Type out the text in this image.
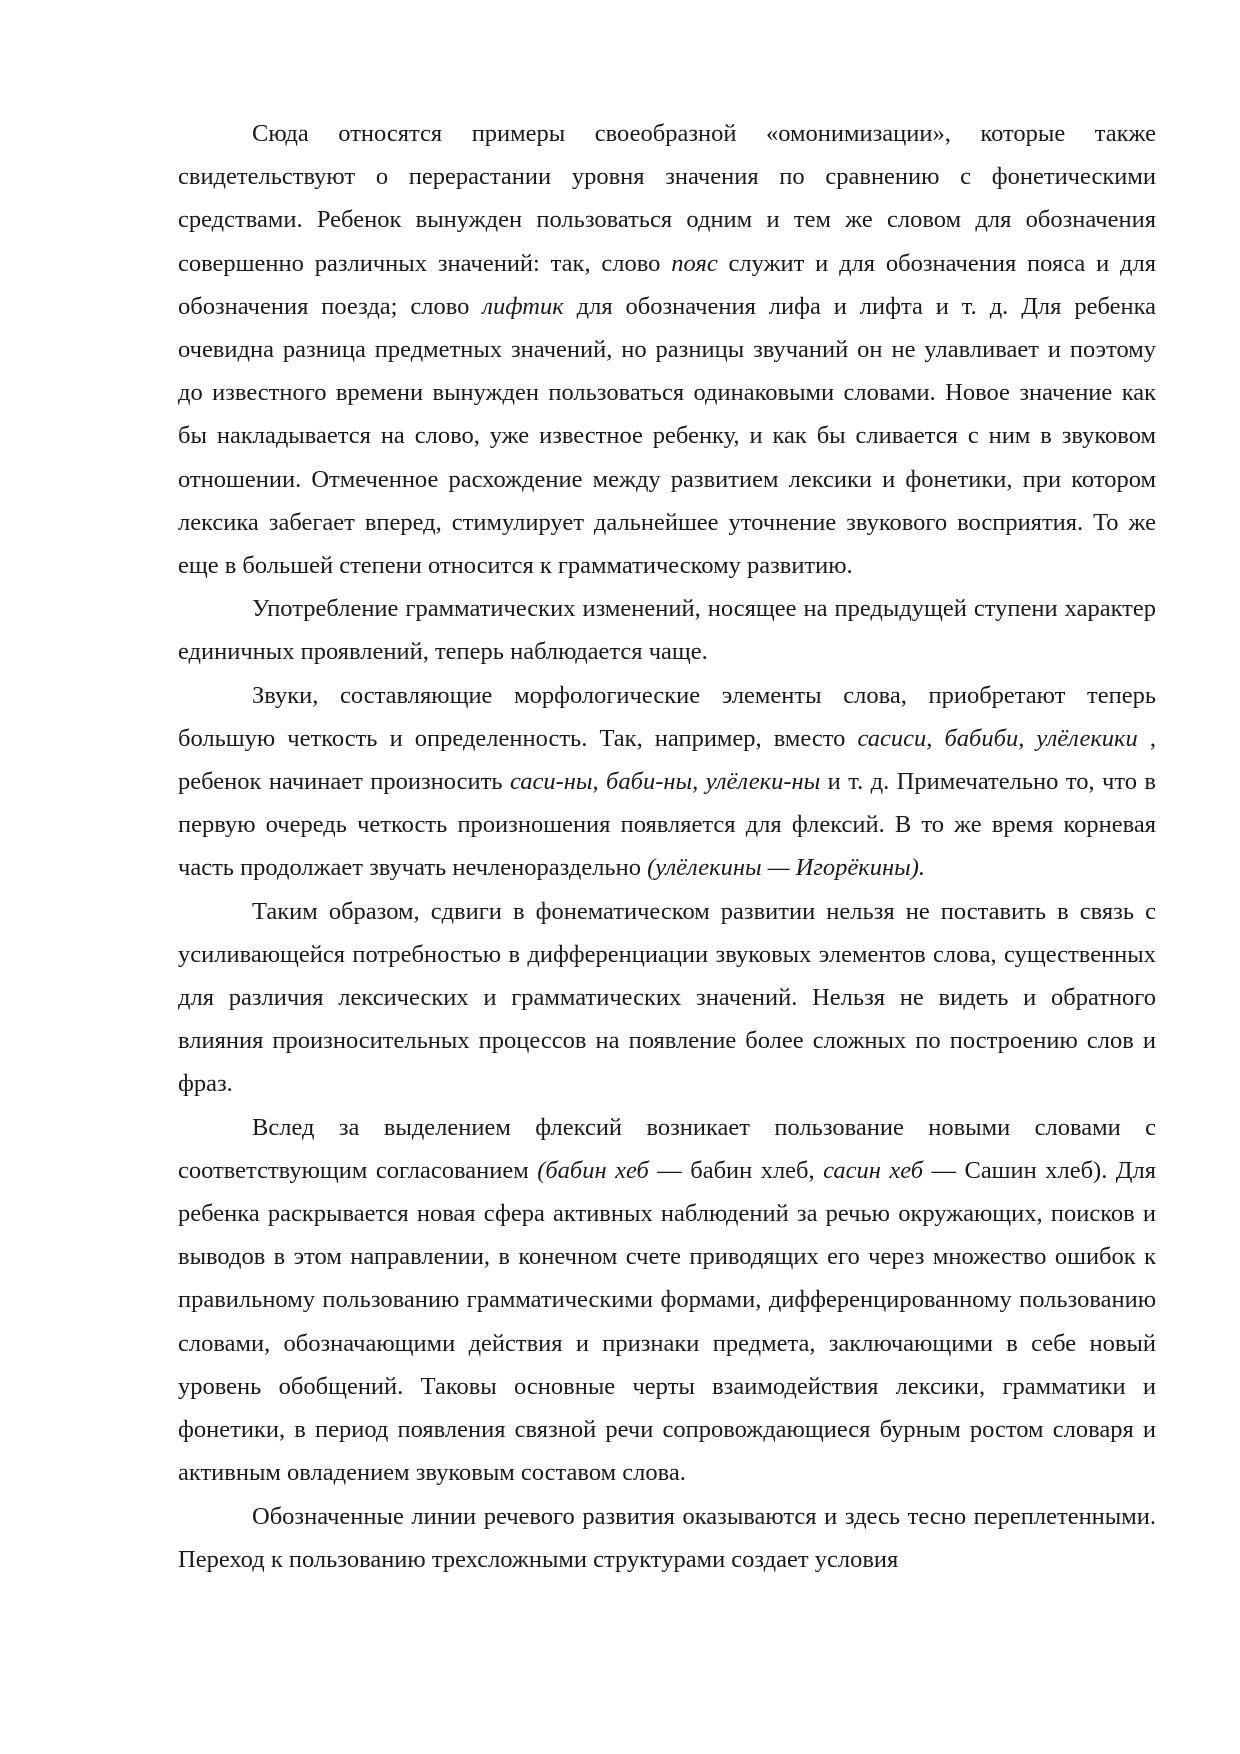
Сюда относятся примеры своеобразной «омонимизации», которые также свидетельствуют о перерастании уровня значения по сравнению с фонетическими средствами. Ребенок вынужден пользоваться одним и тем же словом для обозначения совершенно различных значений: так, слово пояс служит и для обозначения пояса и для обозначения поезда; слово лифтик для обозначения лифа и лифта и т. д. Для ребенка очевидна разница предметных значений, но разницы звучаний он не улавливает и поэтому до известного времени вынужден пользоваться одинаковыми словами. Новое значение как бы накладывается на слово, уже известное ребенку, и как бы сливается с ним в звуковом отношении. Отмеченное расхождение между развитием лексики и фонетики, при котором лексика забегает вперед, стимулирует дальнейшее уточнение звукового восприятия. То же еще в большей степени относится к грамматическому развитию.

Употребление грамматических изменений, носящее на предыдущей ступени характер единичных проявлений, теперь наблюдается чаще.

Звуки, составляющие морфологические элементы слова, приобретают теперь большую четкость и определенность. Так, например, вместо сасиси, бабиби, улёлекики , ребенок начинает произносить саси-ны, баби-ны, улёлеки-ны и т. д. Примечательно то, что в первую очередь четкость произношения появляется для флексий. В то же время корневая часть продолжает звучать нечленораздельно (улёлекины — Игорёкины).

Таким образом, сдвиги в фонематическом развитии нельзя не поставить в связь с усиливающейся потребностью в дифференциации звуковых элементов слова, существенных для различия лексических и грамматических значений. Нельзя не видеть и обратного влияния произносительных процессов на появление более сложных по построению слов и фраз.

Вслед за выделением флексий возникает пользование новыми словами с соответствующим согласованием (бабин хеб — бабин хлеб, сасин хеб — Сашин хлеб). Для ребенка раскрывается новая сфера активных наблюдений за речью окружающих, поисков и выводов в этом направлении, в конечном счете приводящих его через множество ошибок к правильному пользованию грамматическими формами, дифференцированному пользованию словами, обозначающими действия и признаки предмета, заключающими в себе новый уровень обобщений. Таковы основные черты взаимодействия лексики, грамматики и фонетики, в период появления связной речи сопровождающиеся бурным ростом словаря и активным овладением звуковым составом слова.

Обозначенные линии речевого развития оказываются и здесь тесно переплетенными. Переход к пользованию трехсложными структурами создает условия
